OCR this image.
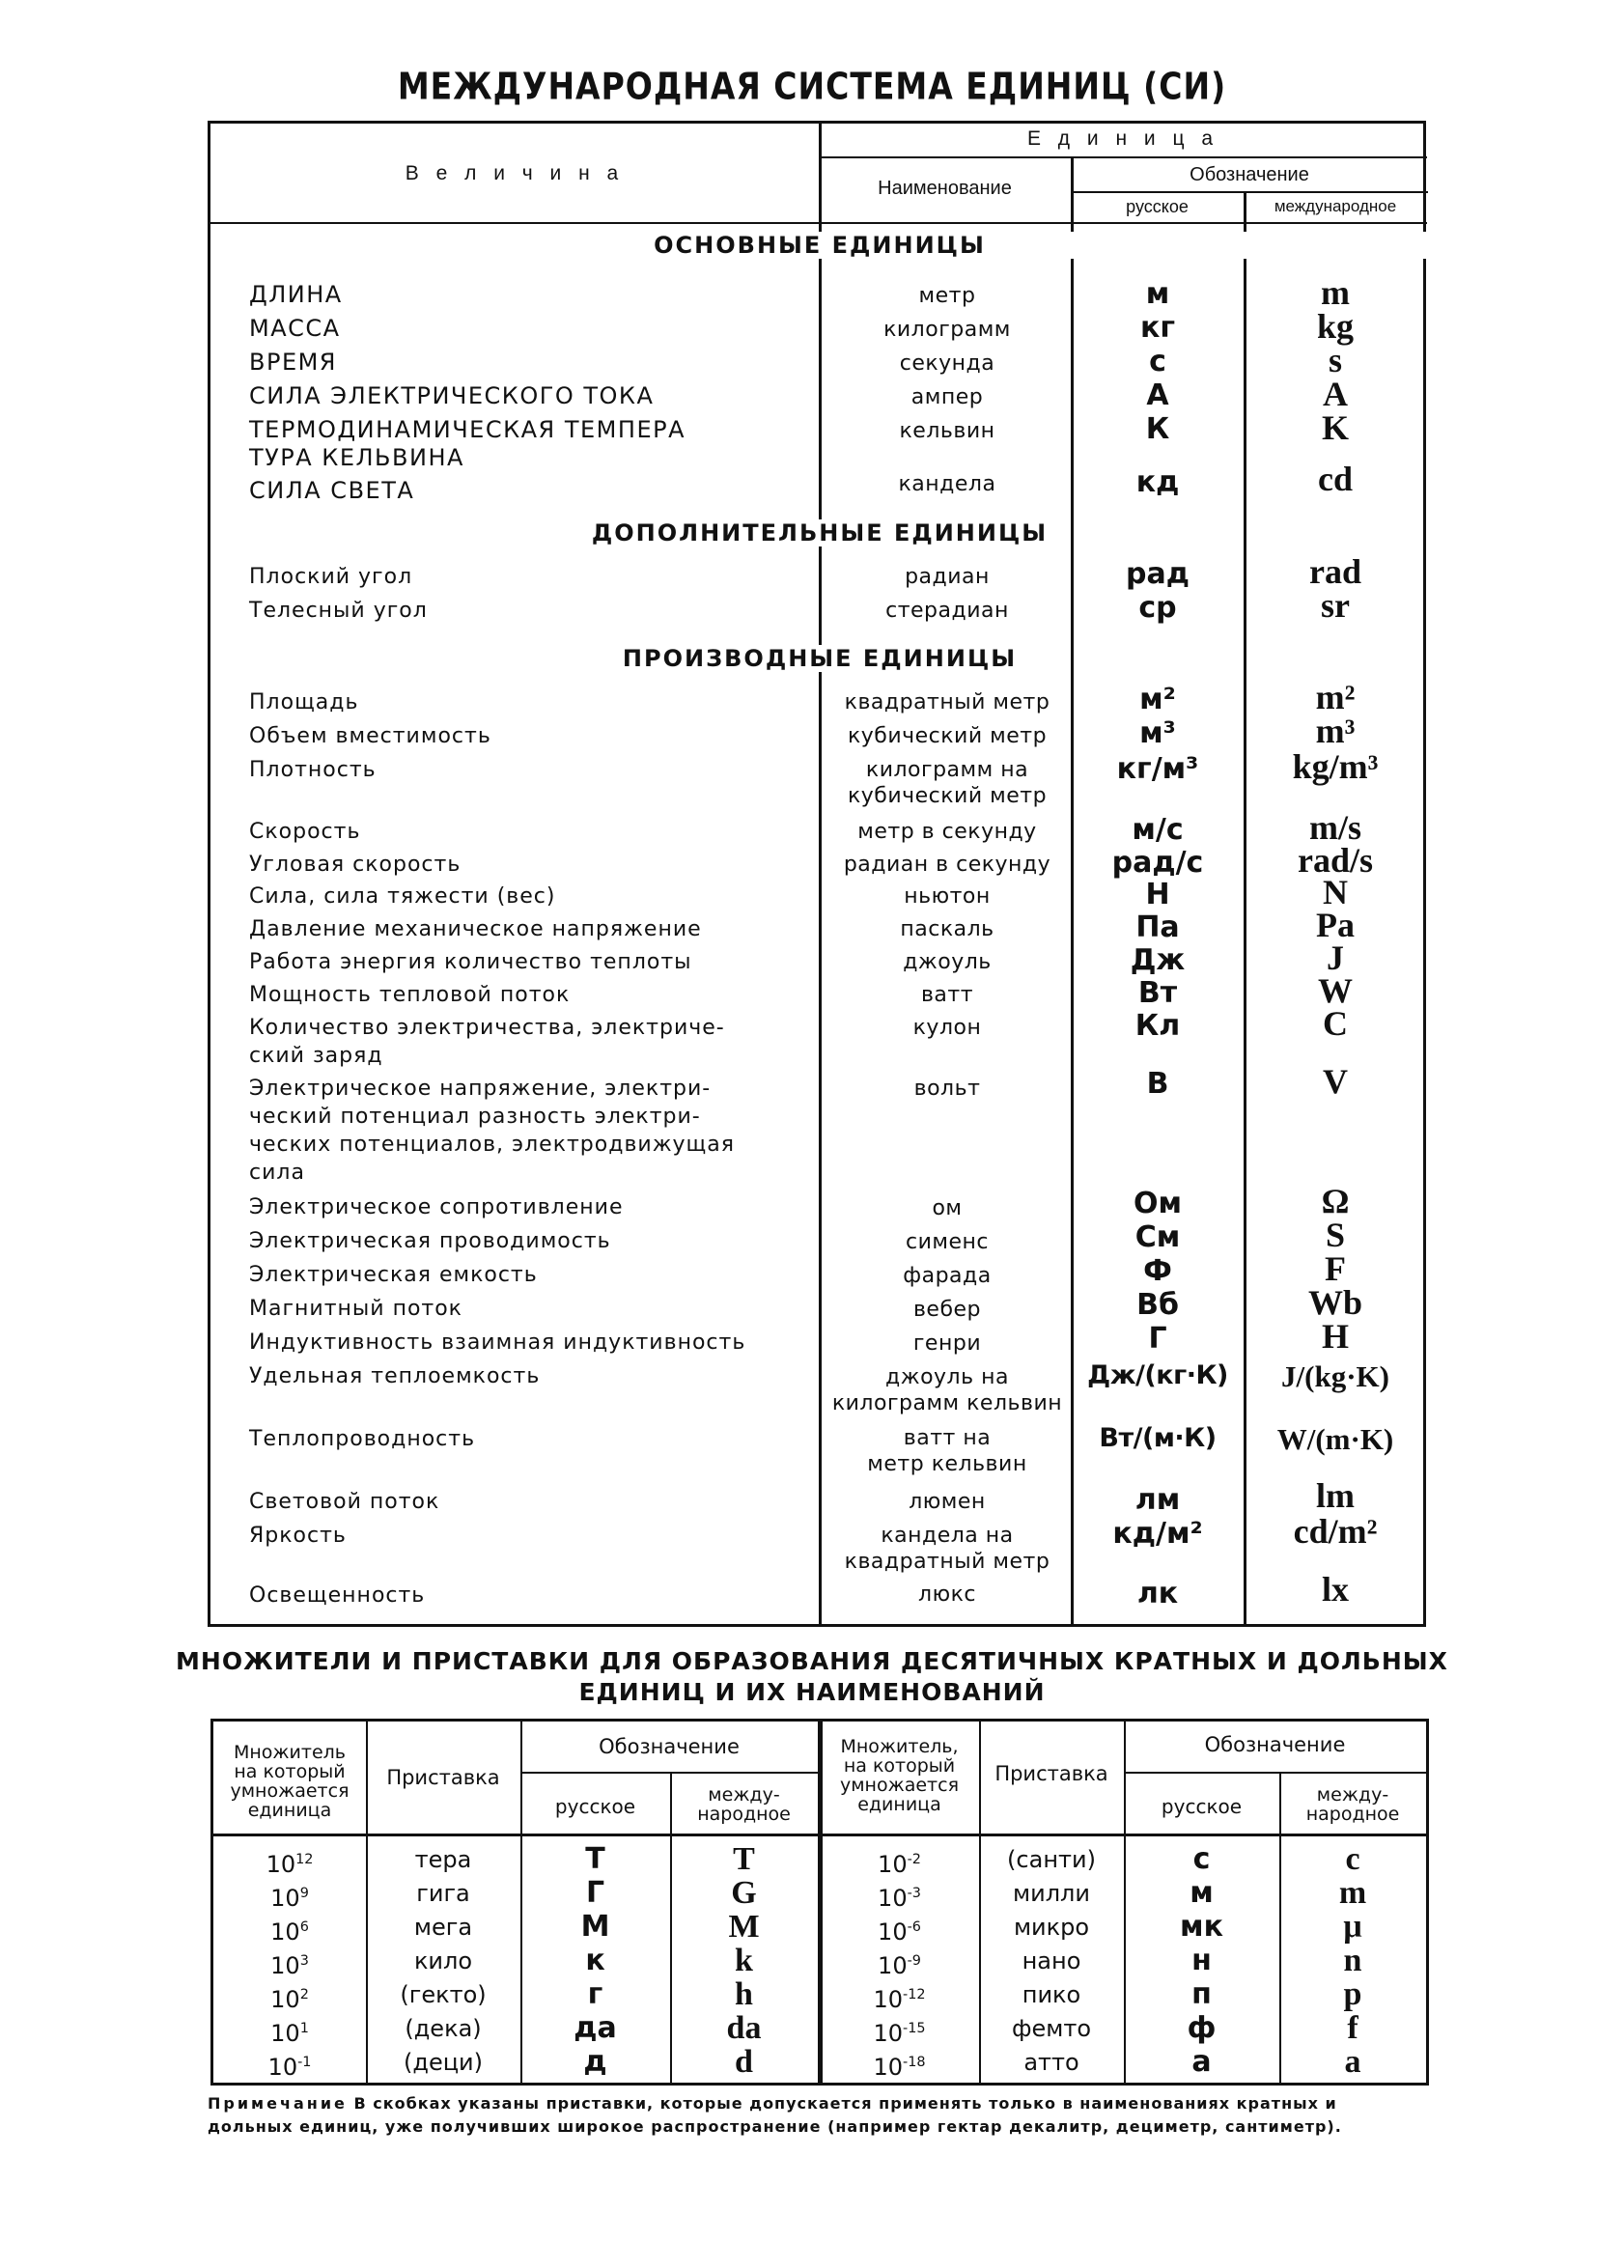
МЕЖДУНАРОДНАЯ СИСТЕМА ЕДИНИЦ (СИ)
В е л и ч и н а
Е д и н и ц а
Наименование
Обозначение
русское	международное
ОСНОВНЫЕ ЕДИНИЦЫ
ДОПОЛНИТЕЛЬНЫЕ ЕДИНИЦЫ
ПРОИЗВОДНЫЕ ЕДИНИЦЫ
ДЛИНА	метр	м	m
МАССА	килограмм	кг	kg
ВРЕМЯ	секунда	с	s
СИЛА ЭЛЕКТРИЧЕСКОГО ТОКА	ампер	А	A
ТЕРМОДИНАМИЧЕСКАЯ ТЕМПЕРА
ТУРА КЕЛЬВИНА
кельвин	К	K
СИЛА СВЕТА	кандела	кд	cd
Плоский угол	радиан	рад	rad
Телесный угол	стерадиан	ср	sr
Площадь	квадратный метр	м²	m²
Объем вместимость	кубический метр	м³	m³
Плотность	килограмм на
кубический метр
кг/м³	kg/m³
Скорость	метр в секунду	м/с	m/s
Угловая скорость	радиан в секунду	рад/с	rad/s
Сила, сила тяжести (вес)	ньютон	Н	N
Давление механическое напряжение	паскаль	Па	Pa
Работа энергия количество теплоты	джоуль	Дж	J
Мощность тепловой поток	ватт	Вт	W
Количество электричества, электриче-
ский заряд
кулон	Кл	C
Электрическое напряжение, электри-
ческий потенциал разность электри-
ческих потенциалов, электродвижущая
сила
вольт	В	V
Электрическое сопротивление	ом	Ом	Ω
Электрическая проводимость	сименс	См	S
Электрическая емкость	фарада	Ф	F
Магнитный поток	вебер	Вб	Wb
Индуктивность взаимная индуктивность	генри	Г	H
Удельная теплоемкость	джоуль на
килограмм кельвин
Дж/(кг·К)	J/(kg·K)
Теплопроводность	ватт на
метр кельвин
Вт/(м·К)	W/(m·K)
Световой поток	люмен	лм	lm
Яркость	кандела на
квадратный метр
кд/м²	cd/m²
Освещенность	люкс	лк	lx
МНОЖИТЕЛИ И ПРИСТАВКИ ДЛЯ ОБРАЗОВАНИЯ ДЕСЯТИЧНЫХ КРАТНЫХ И ДОЛЬНЫХ
ЕДИНИЦ И ИХ НАИМЕНОВАНИЙ
Множитель
на который
умножается
единица
Приставка
Обозначение
русское	между-
народное
Множитель,
на который
умножается
единица
Приставка
Обозначение
русское	между-
народное
$10^{12}$	тера	Т	T
$10^9$	гига	Г	G
$10^6$	мега	М	M
$10^3$	кило	к	k
$10^2$	(гекто)	г	h
$10^1$	(дека)	да	da
$10^{-1}$	(деци)	д	d
$10^{-2}$	(санти)	с	c
$10^{-3}$	милли	м	m
$10^{-6}$	микро	мк	μ
$10^{-9}$	нано	н	n
$10^{-12}$	пико	п	p
$10^{-15}$	фемто	ф	f
$10^{-18}$	атто	а	a
Примечание В скобках указаны приставки, которые допускается применять только в наименованиях кратных и
дольных единиц, уже получивших широкое распространение (например гектар декалитр, дециметр, сантиметр).
